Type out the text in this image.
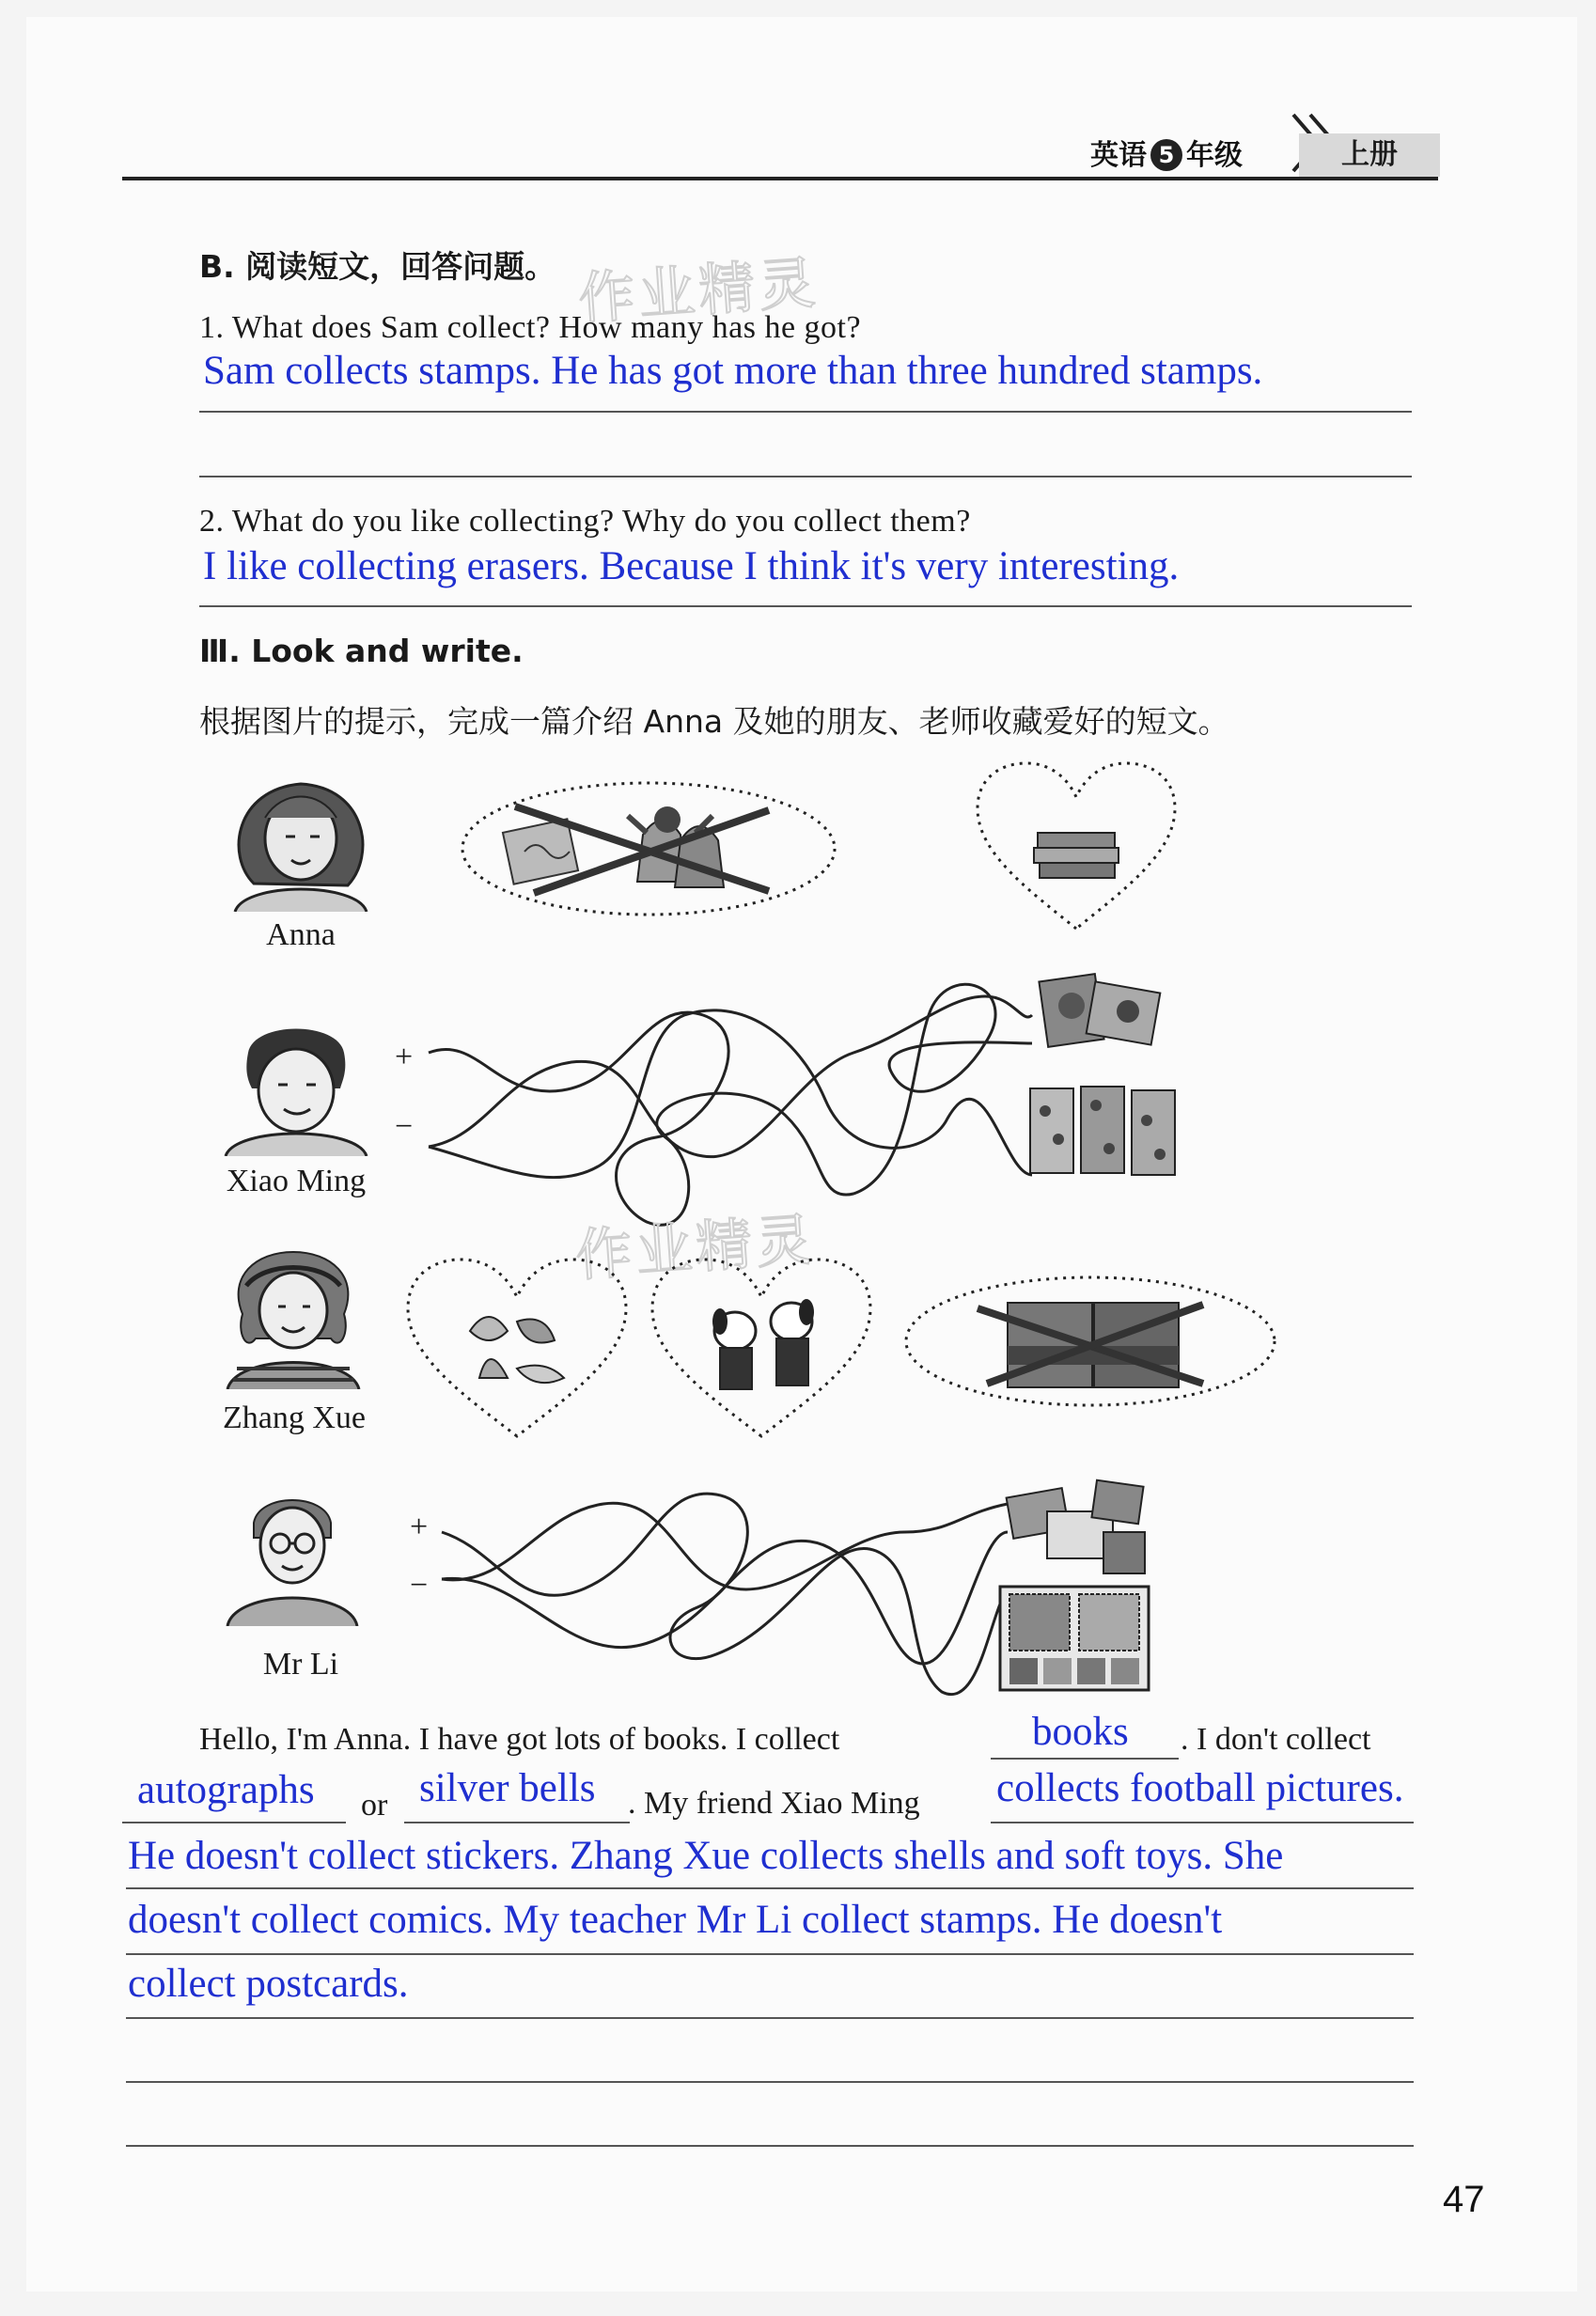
英语 5 年级	上册
B. 阅读短文，回答问题。 作业精灵
1. What does Sam collect? How many has he got?
Sam collects stamps. He has got more than three hundred stamps.
2. What do you like collecting? Why do you collect them?
I like collecting erasers. Because I think it's very interesting.
Ⅲ. Look and write.
根据图片的提示，完成一篇介绍 Anna 及她的朋友、老师收藏爱好的短文。
Anna
Xiao Ming
+
−
作业精灵
Zhang Xue
Mr Li
+
−
Hello, I'm Anna. I have got lots of books. I collect	books . I don't collect
autographs or silver bells . My friend Xiao Ming collects football pictures.
He doesn't collect stickers. Zhang Xue collects shells and soft toys. She
doesn't collect comics. My teacher Mr Li collect stamps. He doesn't
collect postcards.
47
